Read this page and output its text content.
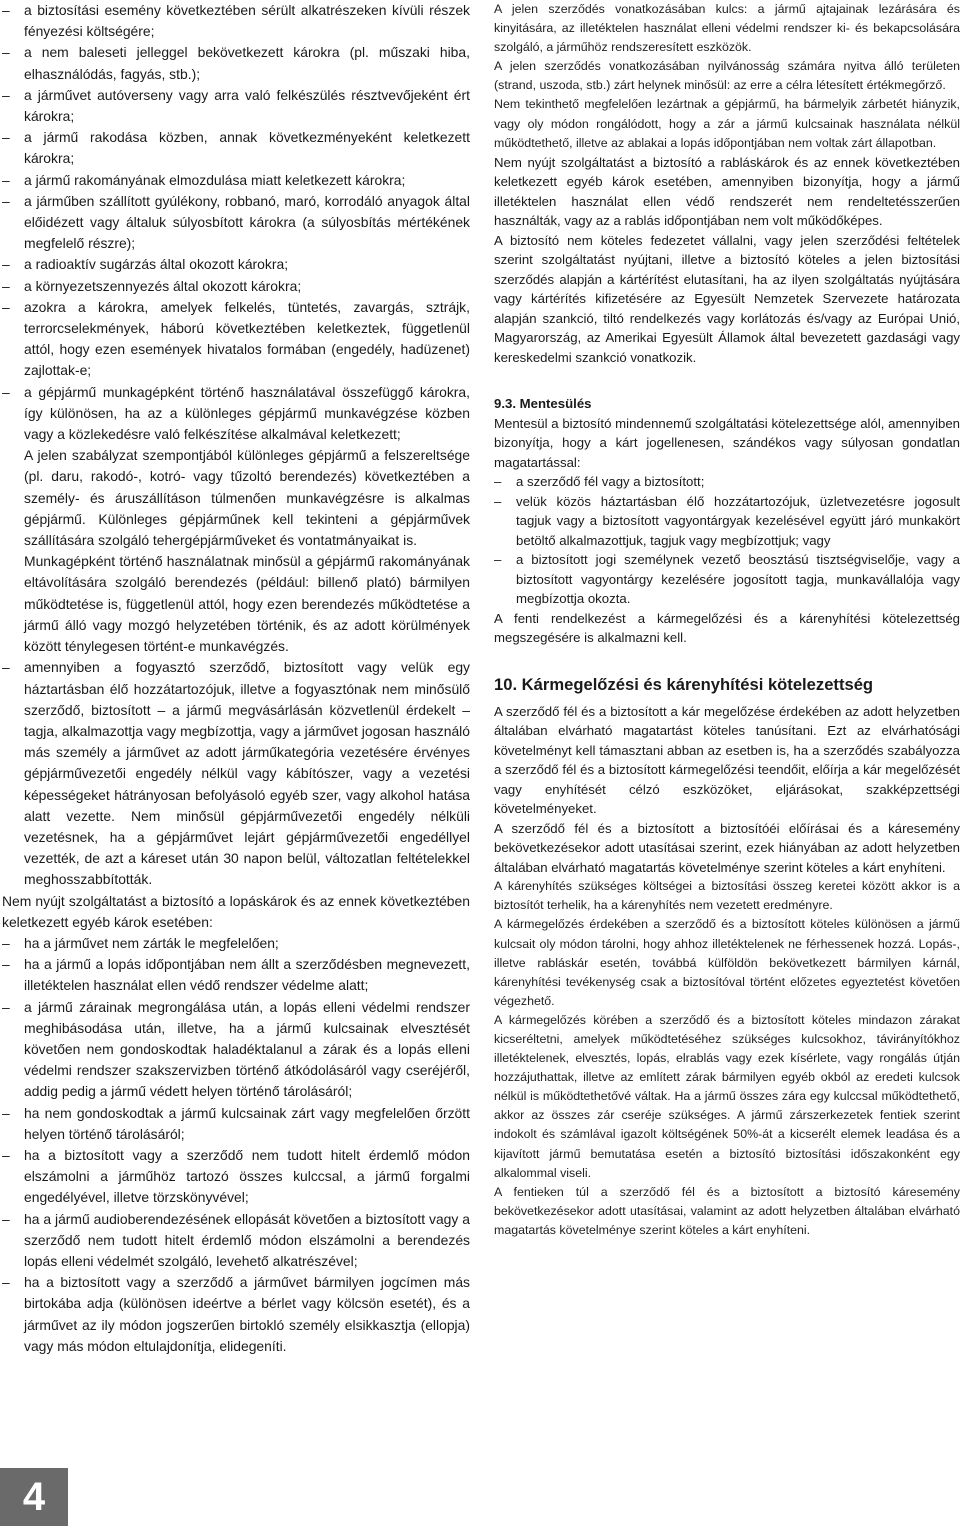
– a biztosítási esemény következtében sérült alkatrészeken kívüli részek fényezési költségére;

– a nem baleseti jelleggel bekövetkezett károkra (pl. műszaki hiba, elhasználódás, fagyás, stb.);

– a járművet autóverseny vagy arra való felkészülés résztvevőjeként ért károkra;

– a jármű rakodása közben, annak következményeként keletkezett károkra;

– a jármű rakományának elmozdulása miatt keletkezett károkra;

– a járműben szállított gyúlékony, robbanó, maró, korrodáló anyagok által előidézett vagy általuk súlyosbított károkra (a súlyosbítás mértékének megfelelő részre);

– a radioaktív sugárzás által okozott károkra;

– a környezetszennyezés által okozott károkra;

– azokra a károkra, amelyek felkelés, tüntetés, zavargás, sztrájk, terrorcselekmények, háború következtében keletkeztek, függetlenül attól, hogy ezen események hivatalos formában (engedély, hadüzenet) zajlottak-e;

– a gépjármű munkagépként történő használatával összefüggő károkra, így különösen, ha az a különleges gépjármű munkavégzése közben vagy a közlekedésre való felkészítése alkalmával keletkezett;

A jelen szabályzat szempontjából különleges gépjármű a felszereltsége (pl. daru, rakodó-, kotró- vagy tűzoltó berendezés) következtében a személy- és áruszállításon túlmenően munkavégzésre is alkalmas gépjármű. Különleges gépjárműnek kell tekinteni a gépjárművek szállítására szolgáló tehergépjárműveket és vontatmányaikat is.

Munkagépként történő használatnak minősül a gépjármű rakományának eltávolítására szolgáló berendezés (például: billenő plató) bármilyen működtetése is, függetlenül attól, hogy ezen berendezés működtetése a jármű álló vagy mozgó helyzetében történik, és az adott körülmények között ténylegesen történt-e munkavégzés.

– amennyiben a fogyasztó szerződő, biztosított vagy velük egy háztartásban élő hozzátartozójuk, illetve a fogyasztónak nem minősülő szerződő, biztosított – a jármű megvásárlásán közvetlenül érdekelt – tagja, alkalmazottja vagy megbízottja, vagy a járművet jogosan használó más személy a járművet az adott járműkategória vezetésére érvényes gépjárművezetői engedély nélkül vagy kábítószer, vagy a vezetési képességeket hátrányosan befolyásoló egyéb szer, vagy alkohol hatása alatt vezette. Nem minősül gépjárművezetői engedély nélküli vezetésnek, ha a gépjárművet lejárt gépjárművezetői engedéllyel vezették, de azt a káreset után 30 napon belül, változatlan feltételekkel meghosszabbították.

Nem nyújt szolgáltatást a biztosító a lopáskárok és az ennek következtében keletkezett egyéb károk esetében:

– ha a járművet nem zárták le megfelelően;

– ha a jármű a lopás időpontjában nem állt a szerződésben megnevezett, illetéktelen használat ellen védő rendszer védelme alatt;

– a jármű zárainak megrongálása után, a lopás elleni védelmi rendszer meghibásodása után, illetve, ha a jármű kulcsainak elvesztését követően nem gondoskodtak haladéktalanul a zárak és a lopás elleni védelmi rendszer szakszervizben történő átkódolásáról vagy cseréjéről, addig pedig a jármű védett helyen történő tárolásáról;

– ha nem gondoskodtak a jármű kulcsainak zárt vagy megfelelően őrzött helyen történő tárolásáról;

– ha a biztosított vagy a szerződő nem tudott hitelt érdemlő módon elszámolni a járműhöz tartozó összes kulccsal, a jármű forgalmi engedélyével, illetve törzskönyvével;

– ha a jármű audioberendezésének ellopását követően a biztosított vagy a szerződő nem tudott hitelt érdemlő módon elszámolni a berendezés lopás elleni védelmét szolgáló, levehető alkatrészével;

– ha a biztosított vagy a szerződő a járművet bármilyen jogcímen más birtokába adja (különösen ideértve a bérlet vagy kölcsön esetét), és a járművet az ily módon jogszerűen birtokló személy elsikkasztja (ellopja) vagy más módon eltulajdonítja, elidegeníti.

A jelen szerződés vonatkozásában kulcs: a jármű ajtajainak lezárására és kinyitására, az illetéktelen használat elleni védelmi rendszer ki- és bekapcsolására szolgáló, a járműhöz rendszeresített eszközök.

A jelen szerződés vonatkozásában nyilvánosság számára nyitva álló területen (strand, uszoda, stb.) zárt helynek minősül: az erre a célra létesített értékmegőrző.

Nem tekinthető megfelelően lezártnak a gépjármű, ha bármelyik zárbetét hiányzik, vagy oly módon rongálódott, hogy a zár a jármű kulcsainak használata nélkül működtethető, illetve az ablakai a lopás időpontjában nem voltak zárt állapotban.

Nem nyújt szolgáltatást a biztosító a rabláskárok és az ennek következtében keletkezett egyéb károk esetében, amennyiben bizonyítja, hogy a jármű illetéktelen használat ellen védő rendszerét nem rendeltetésszerűen használták, vagy az a rablás időpontjában nem volt működőképes.

A biztosító nem köteles fedezetet vállalni, vagy jelen szerződési feltételek szerint szolgáltatást nyújtani, illetve a biztosító köteles a jelen biztosítási szerződés alapján a kártérítést elutasítani, ha az ilyen szolgáltatás nyújtására vagy kártérítés kifizetésére az Egyesült Nemzetek Szervezete határozata alapján szankció, tiltó rendelkezés vagy korlátozás és/vagy az Európai Unió, Magyarország, az Amerikai Egyesült Államok által bevezetett gazdasági vagy kereskedelmi szankció vonatkozik.

9.3. Mentesülés

Mentesül a biztosító mindennemű szolgáltatási kötelezettsége alól, amennyiben bizonyítja, hogy a kárt jogellenesen, szándékos vagy súlyosan gondatlan magatartással:

– a szerződő fél vagy a biztosított;

– velük közös háztartásban élő hozzátartozójuk, üzletvezetésre jogosult tagjuk vagy a biztosított vagyontárgyak kezelésével együtt járó munkakört betöltő alkalmazottjuk, tagjuk vagy megbízottjuk; vagy

– a biztosított jogi személynek vezető beosztású tisztségviselője, vagy a biztosított vagyontárgy kezelésére jogosított tagja, munkavállalója vagy megbízottja okozta.

A fenti rendelkezést a kármegelőzési és a kárenyhítési kötelezettség megszegésére is alkalmazni kell.

10. Kármegelőzési és kárenyhítési kötelezettség

A szerződő fél és a biztosított a kár megelőzése érdekében az adott helyzetben általában elvárható magatartást köteles tanúsítani. Ezt az elvárhatósági követelményt kell támasztani abban az esetben is, ha a szerződés szabályozza a szerződő fél és a biztosított kármegelőzési teendőit, előírja a kár megelőzését vagy enyhítését célzó eszközöket, eljárásokat, szakképzettségi követelményeket.

A szerződő fél és a biztosított a biztosítóéi előírásai és a káresemény bekövetkezésekor adott utasításai szerint, ezek hiányában az adott helyzetben általában elvárható magatartás követelménye szerint köteles a kárt enyhíteni.

A kárenyhítés szükséges költségei a biztosítási összeg keretei között akkor is a biztosítót terhelik, ha a kárenyhítés nem vezetett eredményre.

A kármegelőzés érdekében a szerződő és a biztosított köteles különösen a jármű kulcsait oly módon tárolni, hogy ahhoz illetéktelenek ne férhessenek hozzá. Lopás-, illetve rabláskár esetén, továbbá külföldön bekövetkezett bármilyen kárnál, kárenyhítési tevékenység csak a biztosítóval történt előzetes egyeztetést követően végezhető.

A kármegelőzés körében a szerződő és a biztosított köteles mindazon zárakat kicseréltetni, amelyek működtetéséhez szükséges kulcsokhoz, távirányítókhoz illetéktelenek, elvesztés, lopás, elrablás vagy ezek kísérlete, vagy rongálás útján hozzájuthattak, illetve az említett zárak bármilyen egyéb okból az eredeti kulcsok nélkül is működtethetővé váltak. Ha a jármű összes zára egy kulccsal működtethető, akkor az összes zár cseréje szükséges. A jármű zárszerkezetek fentiek szerint indokolt és számlával igazolt költségének 50%-át a kicserélt elemek leadása és a kijavított jármű bemutatása esetén a biztosító biztosítási időszakonként egy alkalommal viseli.

A fentieken túl a szerződő fél és a biztosított a biztosító káresemény bekövetkezésekor adott utasításai, valamint az adott helyzetben általában elvárható magatartás követelménye szerint köteles a kárt enyhíteni.

4
